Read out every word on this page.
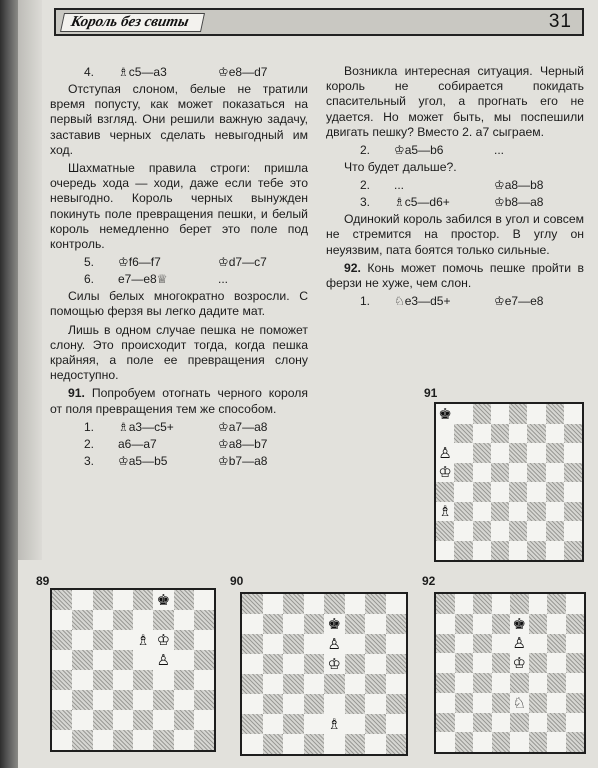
Король без свиты	31
4.	♗c5—a3	♔e8—d7

Отступая слоном, белые не тратили время попусту, как может показаться на первый взгляд. Они решили важную задачу, заставив черных сделать невыгодный им ход.

Шахматные правила строги: пришла очередь хода — ходи, даже если тебе это невыгодно. Король черных вынужден покинуть поле превращения пешки, и белый король немедленно берет это поле под контроль.

5.	♔f6—f7	♔d7—c7
6.	e7—e8♕	...

Силы белых многократно возросли. С помощью ферзя вы легко дадите мат.

Лишь в одном случае пешка не поможет слону. Это происходит тогда, когда пешка крайняя, а поле ее превращения слону недоступно.

91. Попробуем отогнать черного короля от поля превращения тем же способом.

1.	♗a3—c5+	♔a7—a8
2.	a6—a7	♔a8—b7
3.	♔a5—b5	♔b7—a8

Возникла интересная ситуация. Черный король не собирается покидать спасительный угол, а прогнать его не удается. Но может быть, мы поспешили двигать пешку? Вместо 2. a7 сыграем.

2.	♔a5—b6	...

Что будет дальше?.

2.	...	♔a8—b8
3.	♗c5—d6+	♔b8—a8

Одинокий король забился в угол и совсем не стремится на простор. В углу он неуязвим, пата боятся только сильные.

92. Конь может помочь пешке пройти в ферзи не хуже, чем слон.

1.	♘e3—d5+	♔e7—e8
91
♚
♙
♔
♗
89
♚
♗ ♔
♙
90
♚
♙
♔
♗
92
♚
♙
♔
♘
